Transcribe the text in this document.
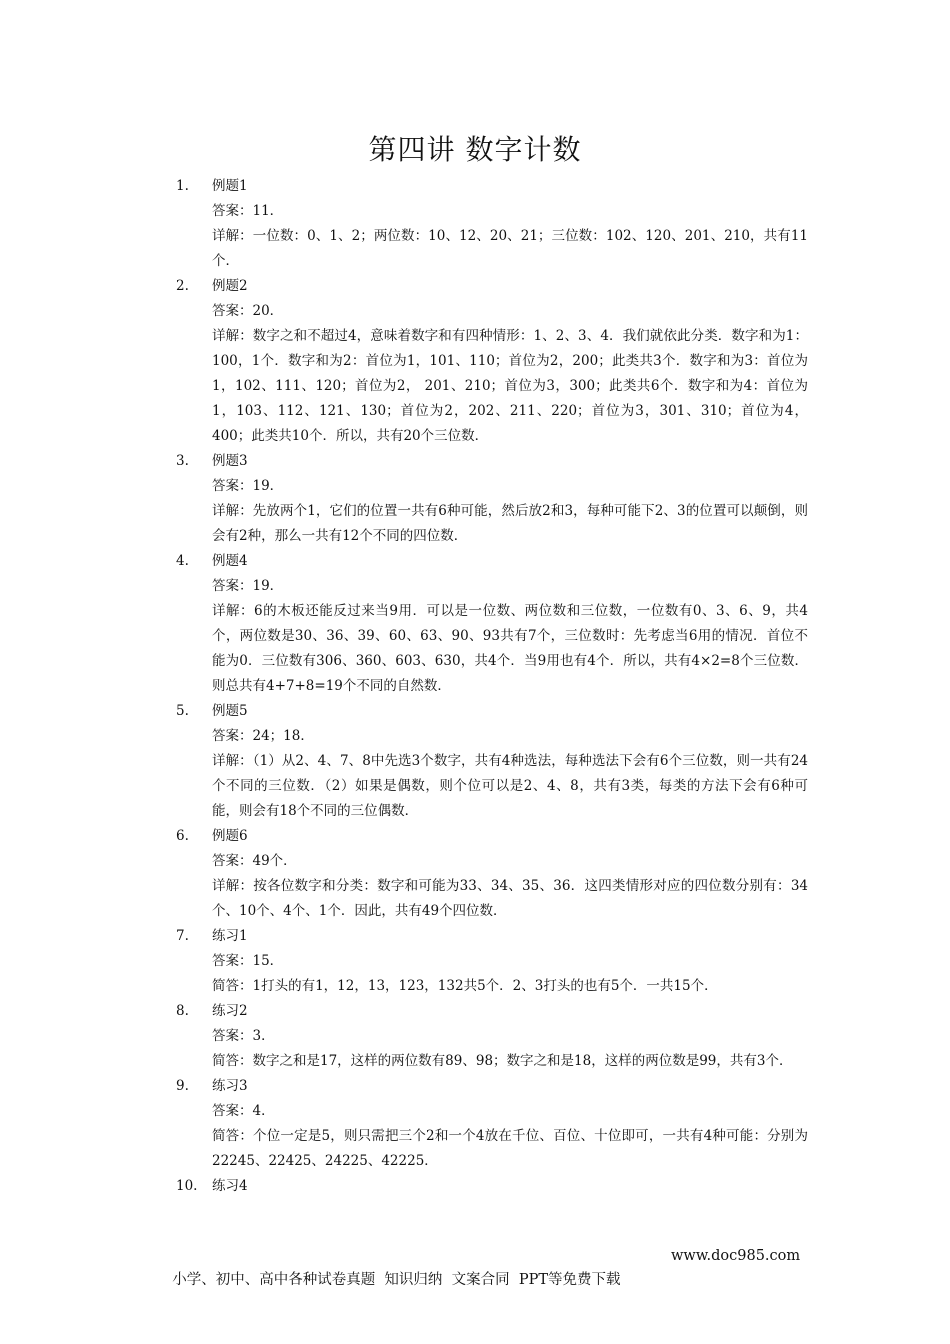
第四讲 数字计数
1. 例题1
答案：11．
详解：一位数：0、1、2；两位数：10、12、20、21；三位数：102、120、201、210，共有11个．
2. 例题2
答案：20．
详解：数字之和不超过4，意味着数字和有四种情形：1、2、3、4．我们就依此分类．数字和为1：100，1个．数字和为2：首位为1，101、110；首位为2，200；此类共3个．数字和为3：首位为1，102、111、120；首位为2， 201、210；首位为3，300；此类共6个．数字和为4：首位为1，103、112、121、130；首位为2，202、211、220；首位为3，301、310；首位为4，400；此类共10个．所以，共有20个三位数．
3. 例题3
答案：19．
详解：先放两个1，它们的位置一共有6种可能，然后放2和3，每种可能下2、3的位置可以颠倒，则会有2种，那么一共有12个不同的四位数．
4. 例题4
答案：19．
详解：6的木板还能反过来当9用．可以是一位数、两位数和三位数，一位数有0、3、6、9，共4个，两位数是30、36、39、60、63、90、93共有7个，三位数时：先考虑当6用的情况．首位不能为0．三位数有306、360、603、630，共4个．当9用也有4个．所以，共有4×2=8个三位数．则总共有4+7+8=19个不同的自然数．
5. 例题5
答案：24；18．
详解：（1）从2、4、7、8中先选3个数字，共有4种选法，每种选法下会有6个三位数，则一共有24个不同的三位数．（2）如果是偶数，则个位可以是2、4、8，共有3类，每类的方法下会有6种可能，则会有18个不同的三位偶数．
6. 例题6
答案：49个．
详解：按各位数字和分类：数字和可能为33、34、35、36．这四类情形对应的四位数分别有：34个、10个、4个、1个．因此，共有49个四位数．
7. 练习1
答案：15．
简答：1打头的有1，12，13，123，132共5个．2、3打头的也有5个．一共15个．
8. 练习2
答案：3．
简答：数字之和是17，这样的两位数有89、98；数字之和是18，这样的两位数是99，共有3个．
9. 练习3
答案：4．
简答：个位一定是5，则只需把三个2和一个4放在千位、百位、十位即可，一共有4种可能：分别为22245、22425、24225、42225．
10. 练习4

小学、初中、高中各种试卷真题  知识归纳  文案合同  PPT等免费下载

www.doc985.com
